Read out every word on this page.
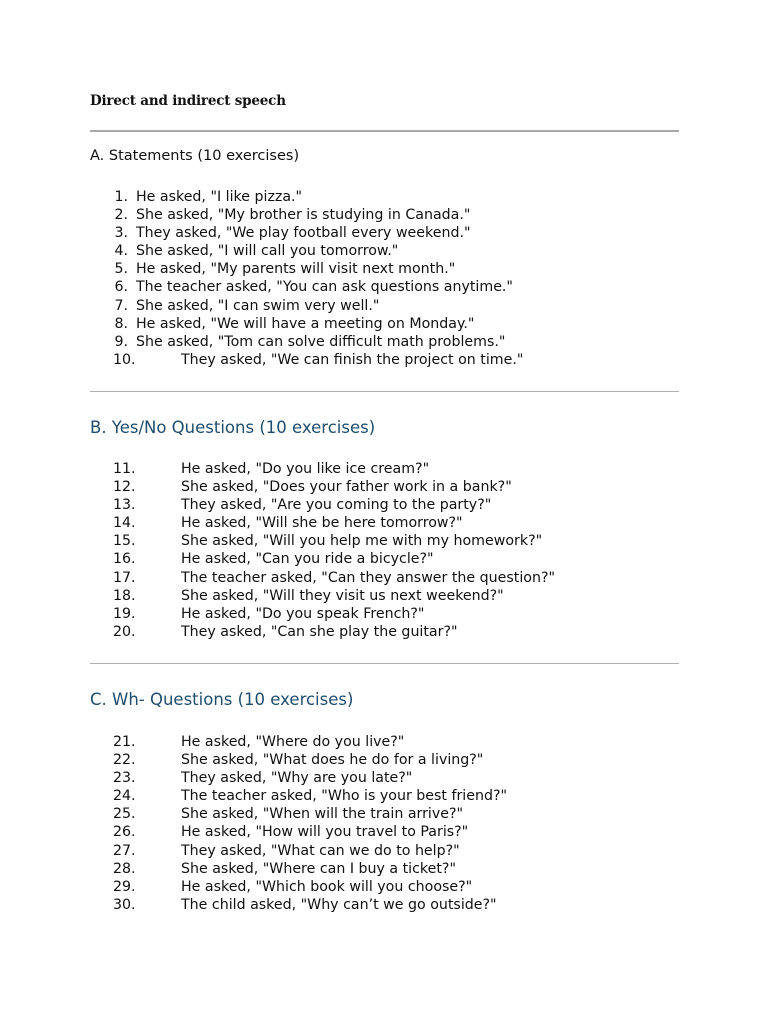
Direct and indirect speech
A. Statements (10 exercises)
1. He asked, "I like pizza."
2. She asked, "My brother is studying in Canada."
3. They asked, "We play football every weekend."
4. She asked, "I will call you tomorrow."
5. He asked, "My parents will visit next month."
6. The teacher asked, "You can ask questions anytime."
7. She asked, "I can swim very well."
8. He asked, "We will have a meeting on Monday."
9. She asked, "Tom can solve difficult math problems."
10.	They asked, "We can finish the project on time."
B. Yes/No Questions (10 exercises)
11.	He asked, "Do you like ice cream?"
12.	She asked, "Does your father work in a bank?"
13.	They asked, "Are you coming to the party?"
14.	He asked, "Will she be here tomorrow?"
15.	She asked, "Will you help me with my homework?"
16.	He asked, "Can you ride a bicycle?"
17.	The teacher asked, "Can they answer the question?"
18.	She asked, "Will they visit us next weekend?"
19.	He asked, "Do you speak French?"
20.	They asked, "Can she play the guitar?"
C. Wh- Questions (10 exercises)
21.	He asked, "Where do you live?"
22.	She asked, "What does he do for a living?"
23.	They asked, "Why are you late?"
24.	The teacher asked, "Who is your best friend?"
25.	She asked, "When will the train arrive?"
26.	He asked, "How will you travel to Paris?"
27.	They asked, "What can we do to help?"
28.	She asked, "Where can I buy a ticket?"
29.	He asked, "Which book will you choose?"
30.	The child asked, "Why can’t we go outside?"
